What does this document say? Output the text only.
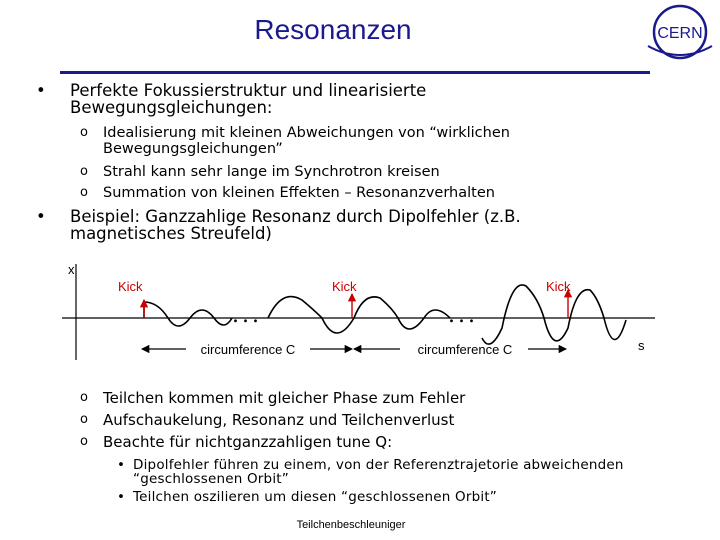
Resonanzen	CERN
• Perfekte Fokussierstruktur und linearisierte Bewegungsgleichungen:
o Idealisierung mit kleinen Abweichungen von “wirklichen Bewegungsgleichungen”
o Strahl kann sehr lange im Synchrotron kreisen
o Summation von kleinen Effekten – Resonanzverhalten
• Beispiel: Ganzzahlige Resonanz durch Dipolfehler (z.B. magnetisches Streufeld)
x
s
Kick	Kick	Kick
...	...
circumference C	circumference C
o Teilchen kommen mit gleicher Phase zum Fehler
o Aufschaukelung, Resonanz und Teilchenverlust
o Beachte für nichtganzzahligen tune Q:
• Dipolfehler führen zu einem, von der Referenztrajetorie abweichenden “geschlossenen Orbit”
• Teilchen oszilieren um diesen “geschlossenen Orbit”
Teilchenbeschleuniger
